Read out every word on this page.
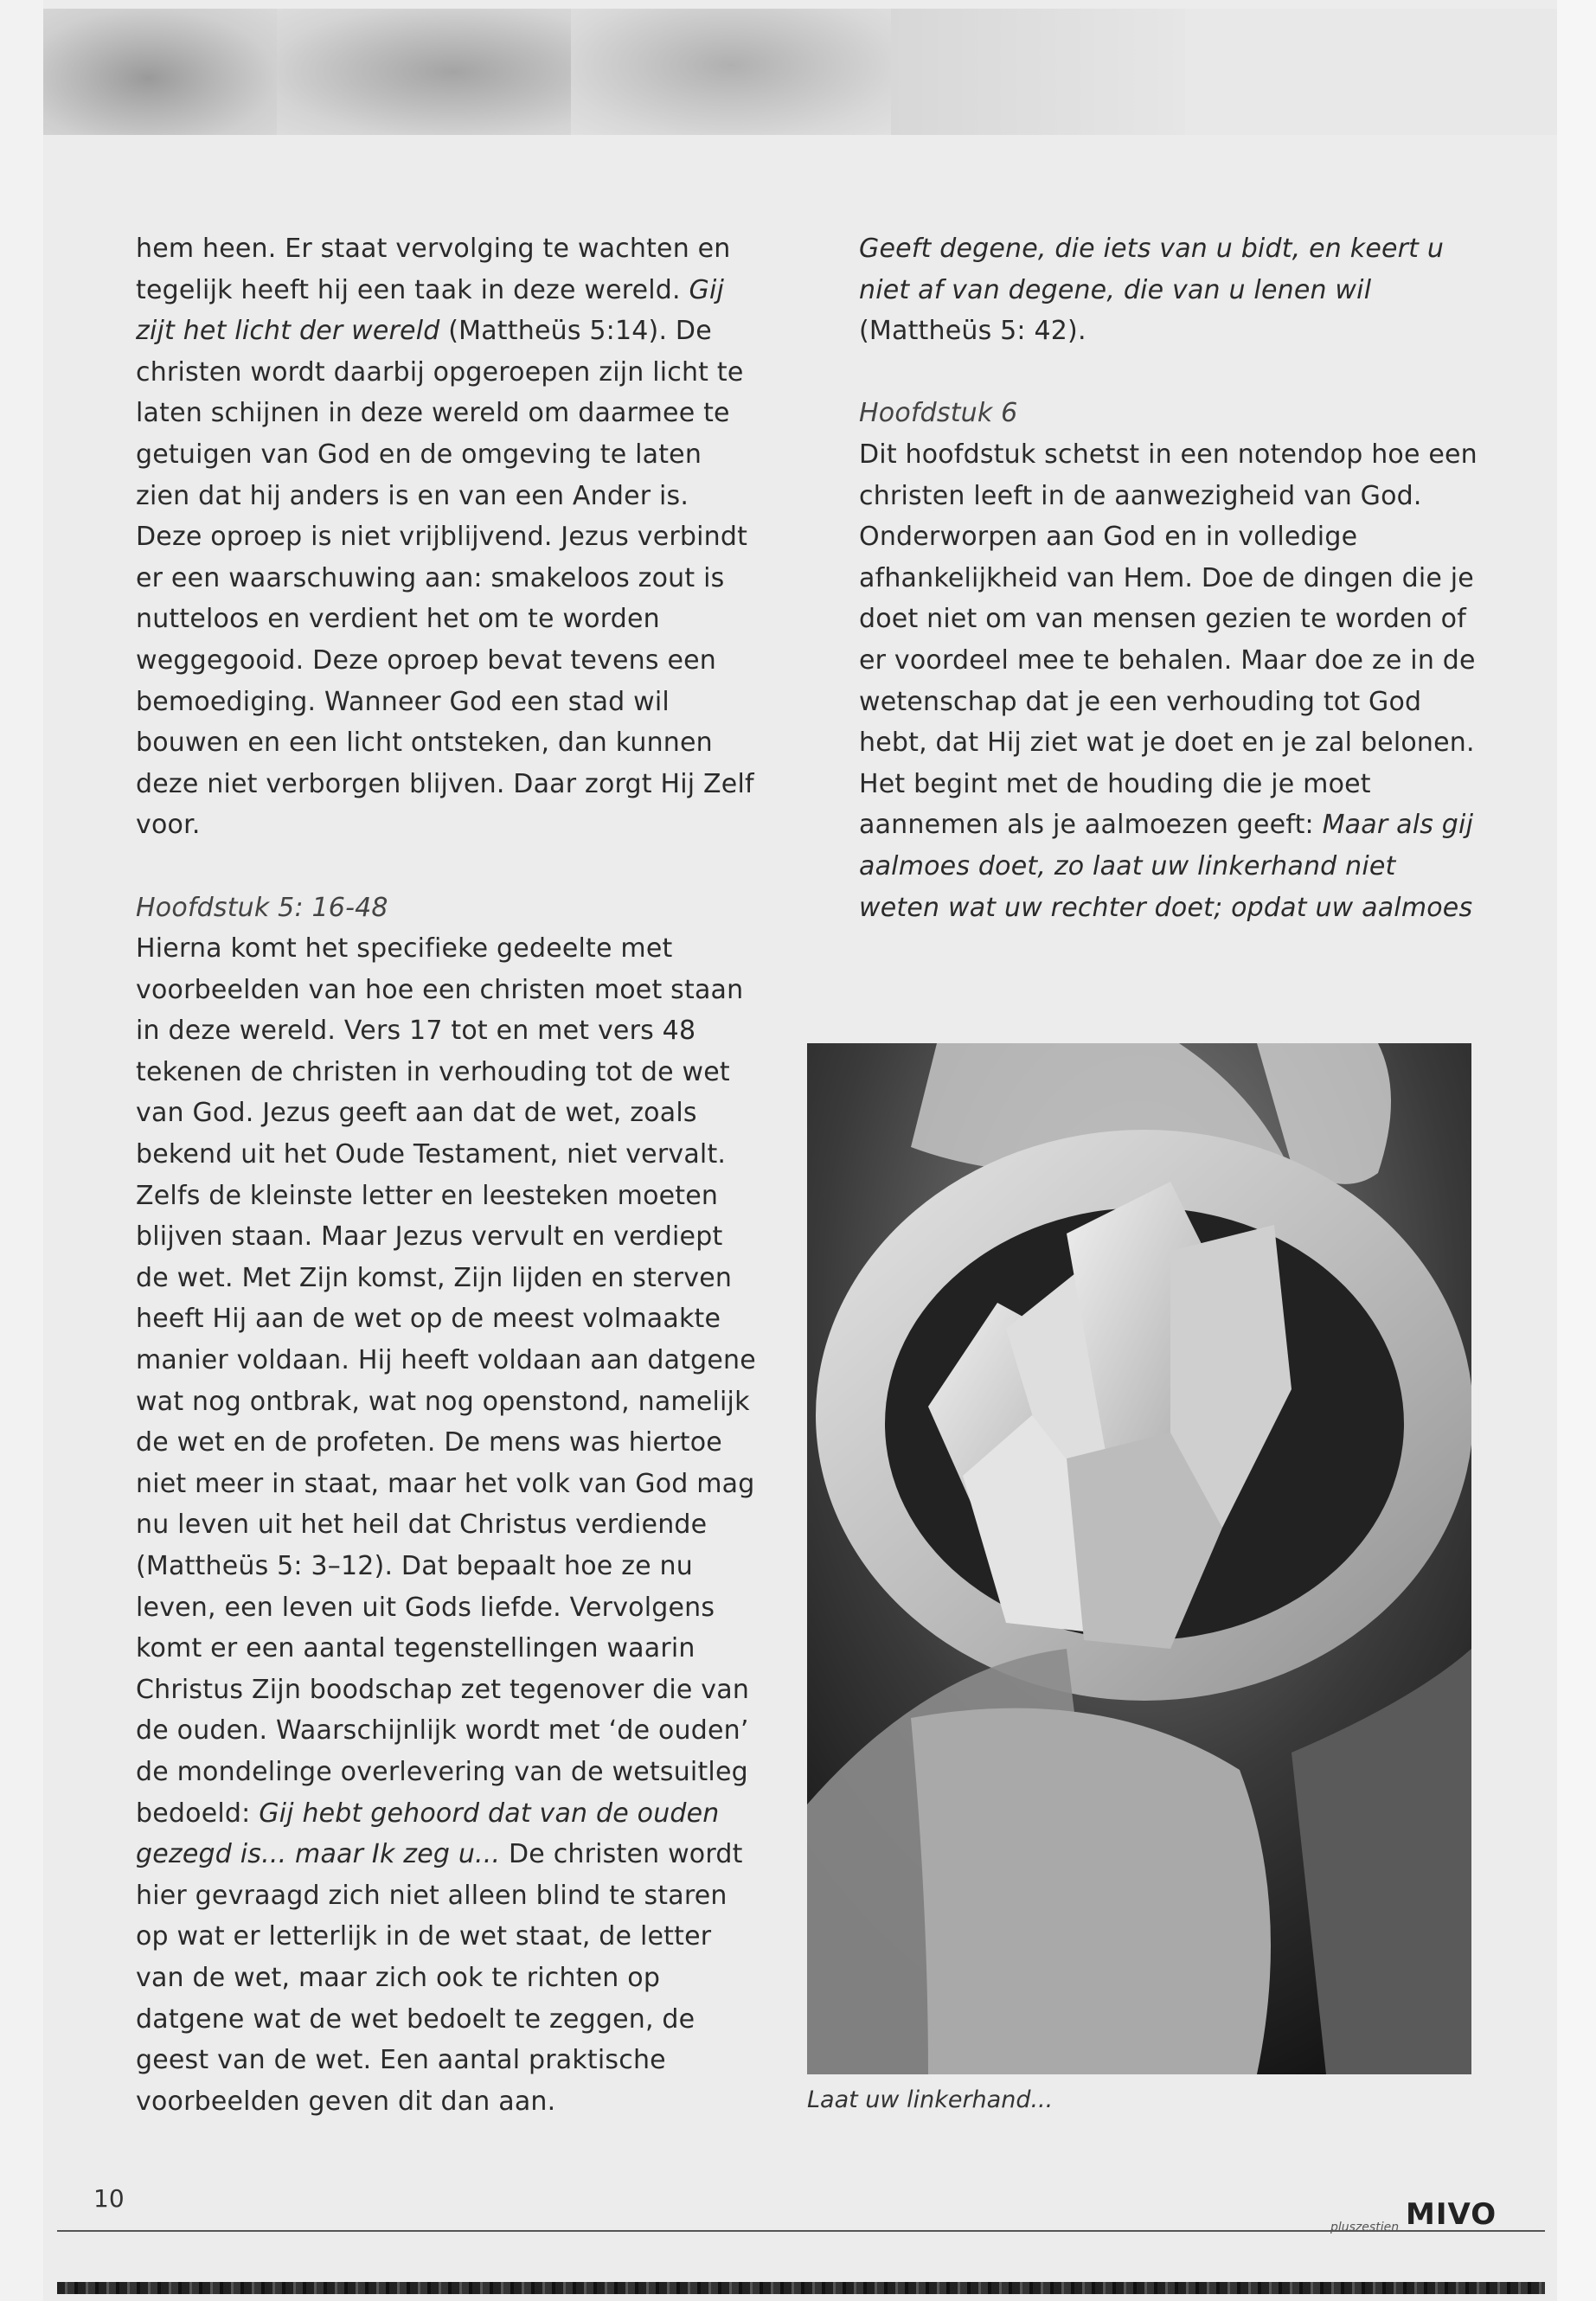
hem heen. Er staat vervolging te wachten en tegelijk heeft hij een taak in deze wereld. Gij zijt het licht der wereld (Mattheüs 5:14). De christen wordt daarbij opgeroepen zijn licht te laten schijnen in deze wereld om daarmee te getuigen van God en de omgeving te laten zien dat hij anders is en van een Ander is. Deze oproep is niet vrijblijvend. Jezus verbindt er een waarschuwing aan: smakeloos zout is nutteloos en verdient het om te worden weggegooid. Deze oproep bevat tevens een bemoediging. Wanneer God een stad wil bouwen en een licht ontsteken, dan kunnen deze niet verborgen blijven. Daar zorgt Hij Zelf voor.

Hoofdstuk 5: 16-48

Hierna komt het specifieke gedeelte met voorbeelden van hoe een christen moet staan in deze wereld. Vers 17 tot en met vers 48 tekenen de christen in verhouding tot de wet van God. Jezus geeft aan dat de wet, zoals bekend uit het Oude Testament, niet vervalt. Zelfs de kleinste letter en leesteken moeten blijven staan. Maar Jezus vervult en verdiept de wet. Met Zijn komst, Zijn lijden en sterven heeft Hij aan de wet op de meest volmaakte manier voldaan. Hij heeft voldaan aan datgene wat nog ontbrak, wat nog openstond, namelijk de wet en de profeten. De mens was hiertoe niet meer in staat, maar het volk van God mag nu leven uit het heil dat Christus verdiende (Mattheüs 5: 3–12). Dat bepaalt hoe ze nu leven, een leven uit Gods liefde. Vervolgens komt er een aantal tegenstellingen waarin Christus Zijn boodschap zet tegenover die van de ouden. Waarschijnlijk wordt met ‘de ouden’ de mondelinge overlevering van de wetsuitleg bedoeld: Gij hebt gehoord dat van de ouden gezegd is... maar Ik zeg u... De christen wordt hier gevraagd zich niet alleen blind te staren op wat er letterlijk in de wet staat, de letter van de wet, maar zich ook te richten op datgene wat de wet bedoelt te zeggen, de geest van de wet. Een aantal praktische voorbeelden geven dit dan aan.

Geeft degene, die iets van u bidt, en keert u niet af van degene, die van u lenen wil (Mattheüs 5: 42).

Hoofdstuk 6

Dit hoofdstuk schetst in een notendop hoe een christen leeft in de aanwezigheid van God. Onderworpen aan God en in volledige afhankelijkheid van Hem. Doe de dingen die je doet niet om van mensen gezien te worden of er voordeel mee te behalen. Maar doe ze in de wetenschap dat je een verhouding tot God hebt, dat Hij ziet wat je doet en je zal belonen.

Het begint met de houding die je moet aannemen als je aalmoezen geeft: Maar als gij aalmoes doet, zo laat uw linkerhand niet weten wat uw rechter doet; opdat uw aalmoes

Laat uw linkerhand...
10
pluszestien MIVO
